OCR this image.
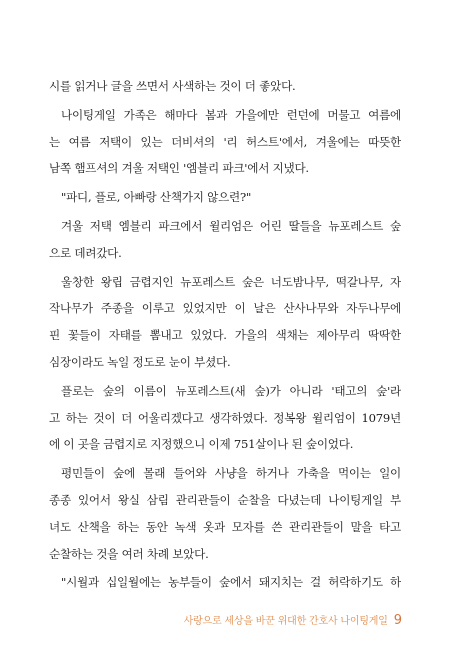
시를 읽거나 글을 쓰면서 사색하는 것이 더 좋았다.
나이팅게일 가족은 해마다 봄과 가을에만 런던에 머물고 여름에
는 여름 저택이 있는 더비셔의 '리 허스트'에서, 겨울에는 따뜻한
남쪽 햄프셔의 겨울 저택인 '엠블리 파크'에서 지냈다.
"파디, 플로, 아빠랑 산책가지 않으련?"
겨울 저택 엠블리 파크에서 윌리엄은 어린 딸들을 뉴포레스트 숲
으로 데려갔다.
울창한 왕립 금렵지인 뉴포레스트 숲은 너도밤나무, 떡갈나무, 자
작나무가 주종을 이루고 있었지만 이 날은 산사나무와 자두나무에
핀 꽃들이 자태를 뽐내고 있었다. 가을의 색채는 제아무리 딱딱한
심장이라도 녹일 정도로 눈이 부셨다.
플로는 숲의 이름이 뉴포레스트(새 숲)가 아니라 '태고의 숲'라
고 하는 것이 더 어울리겠다고 생각하였다. 정복왕 윌리엄이 1079년
에 이 곳을 금렵지로 지정했으니 이제 751살이나 된 숲이었다.
평민들이 숲에 몰래 들어와 사냥을 하거나 가축을 먹이는 일이
종종 있어서 왕실 삼림 관리관들이 순찰을 다녔는데 나이팅게일 부
녀도 산책을 하는 동안 녹색 옷과 모자를 쓴 관리관들이 말을 타고
순찰하는 것을 여러 차례 보았다.
"시월과 십일월에는 농부들이 숲에서 돼지치는 걸 허락하기도 하
사랑으로 세상을 바꾼 위대한 간호사 나이팅게일 9
